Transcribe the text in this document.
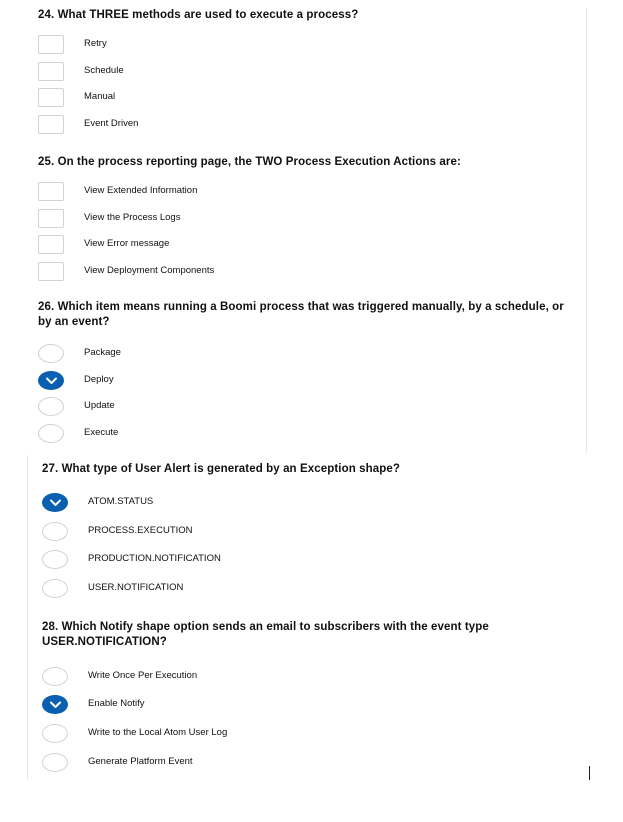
24. What THREE methods are used to execute a process?
Retry
Schedule
Manual
Event Driven
25. On the process reporting page, the TWO Process Execution Actions are:
View Extended Information
View the Process Logs
View Error message
View Deployment Components
26. Which item means running a Boomi process that was triggered manually, by a schedule, or by an event?
Package
Deploy
Update
Execute
27. What type of User Alert is generated by an Exception shape?
ATOM.STATUS
PROCESS.EXECUTION
PRODUCTION.NOTIFICATION
USER.NOTIFICATION
28. Which Notify shape option sends an email to subscribers with the event type USER.NOTIFICATION?
Write Once Per Execution
Enable Notify
Write to the Local Atom User Log
Generate Platform Event
